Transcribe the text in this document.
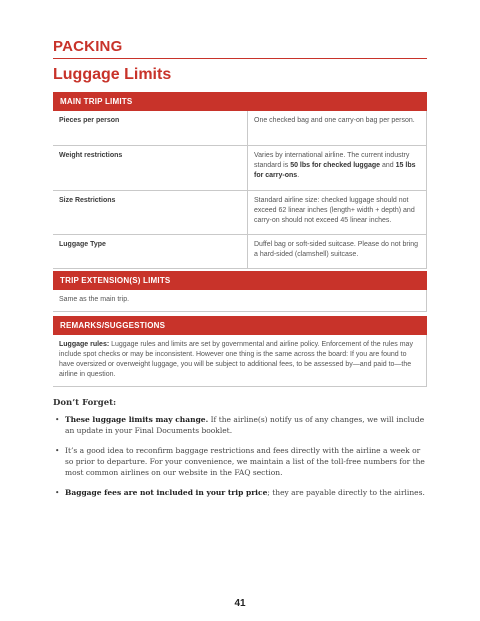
PACKING
Luggage Limits
MAIN TRIP LIMITS
Pieces per person	One checked bag and one carry-on bag per person.
Weight restrictions	Varies by international airline. The current industry standard is 50 lbs for checked luggage and 15 lbs for carry-ons.
Size Restrictions	Standard airline size: checked luggage should not exceed 62 linear inches (length+ width + depth) and carry-on should not exceed 45 linear inches.
Luggage Type	Duffel bag or soft-sided suitcase. Please do not bring a hard-sided (clamshell) suitcase.
TRIP EXTENSION(S) LIMITS
Same as the main trip.
REMARKS/SUGGESTIONS
Luggage rules: Luggage rules and limits are set by governmental and airline policy. Enforcement of the rules may include spot checks or may be inconsistent. However one thing is the same across the board: If you are found to have oversized or overweight luggage, you will be subject to additional fees, to be assessed by—and paid to—the airline in question.
Don’t Forget:
• These luggage limits may change. If the airline(s) notify us of any changes, we will include an update in your Final Documents booklet.
• It’s a good idea to reconfirm baggage restrictions and fees directly with the airline a week or so prior to departure. For your convenience, we maintain a list of the toll-free numbers for the most common airlines on our website in the FAQ section.
• Baggage fees are not included in your trip price; they are payable directly to the airlines.
41
